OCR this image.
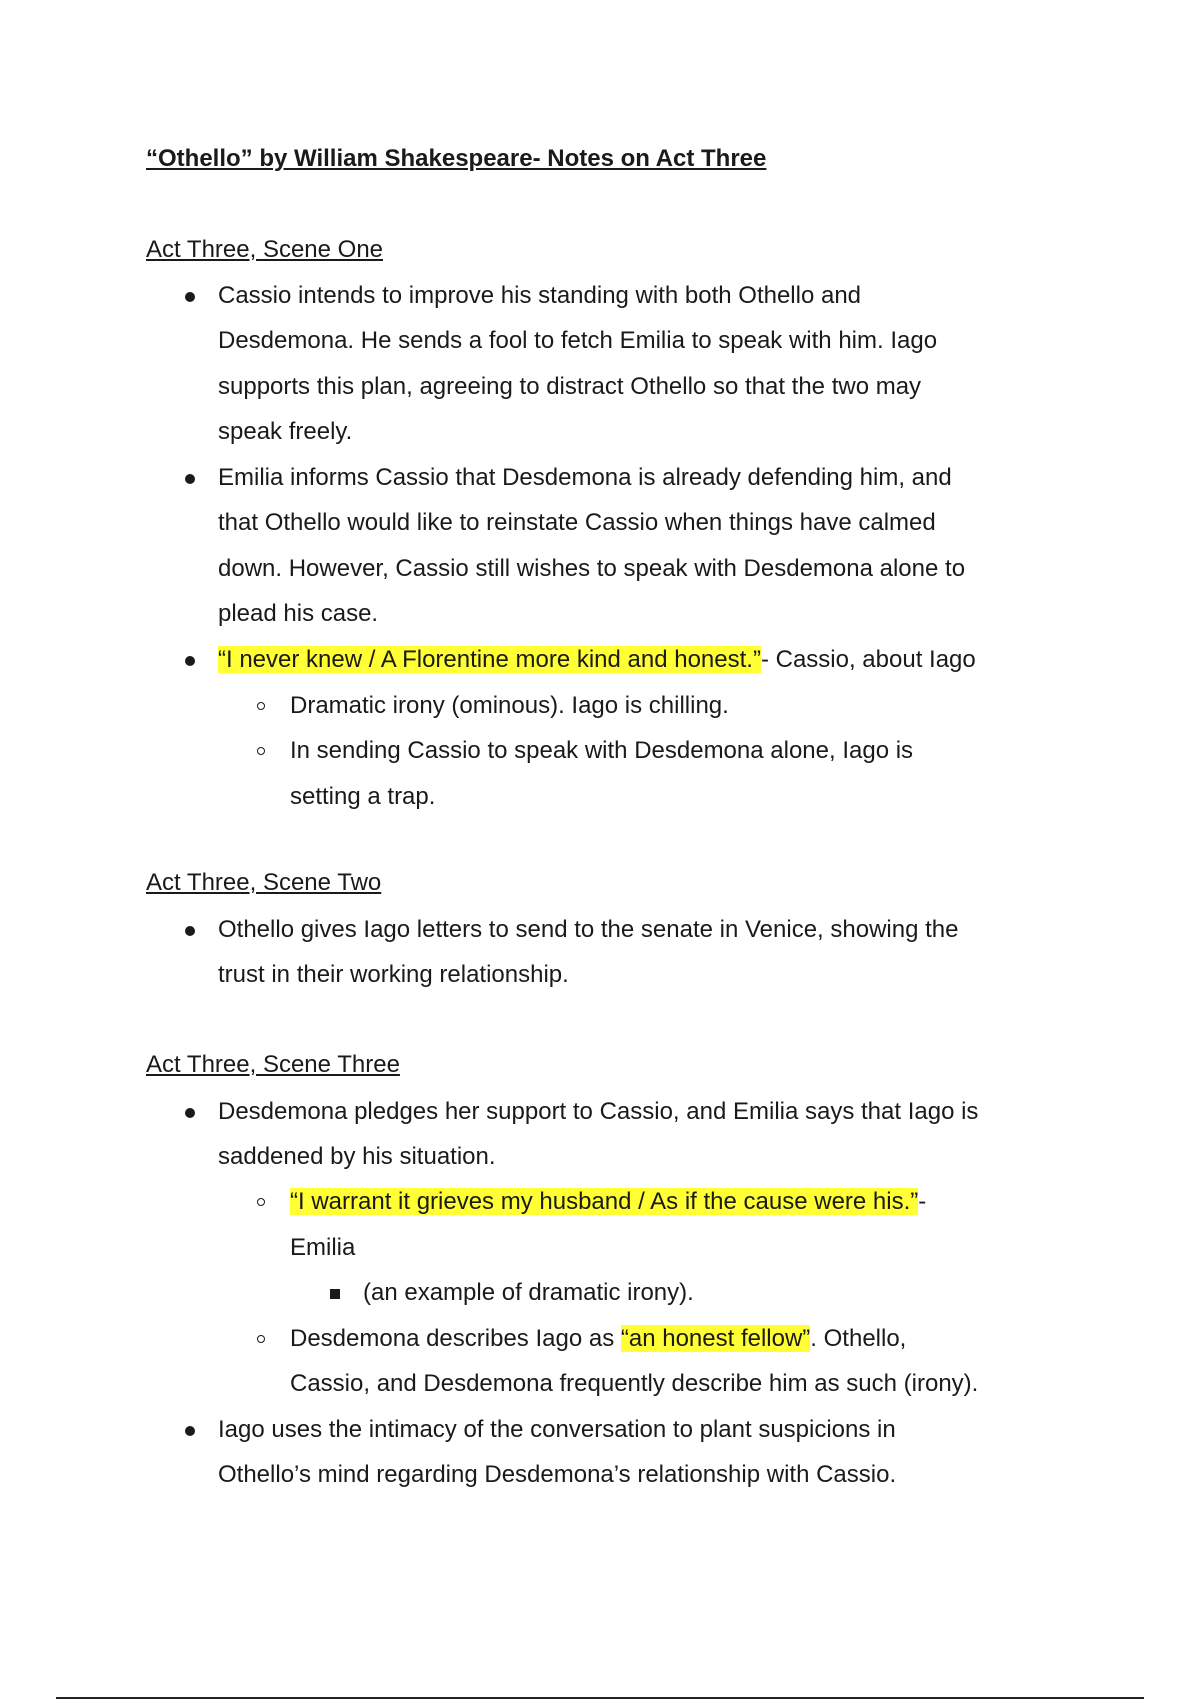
“Othello” by William Shakespeare- Notes on Act Three
Act Three, Scene One

Cassio intends to improve his standing with both Othello and

Desdemona. He sends a fool to fetch Emilia to speak with him. Iago

supports this plan, agreeing to distract Othello so that the two may

speak freely.

Emilia informs Cassio that Desdemona is already defending him, and

that Othello would like to reinstate Cassio when things have calmed

down. However, Cassio still wishes to speak with Desdemona alone to

plead his case.

“I never knew / A Florentine more kind and honest.”- Cassio, about Iago

Dramatic irony (ominous). Iago is chilling.

In sending Cassio to speak with Desdemona alone, Iago is

setting a trap.

Act Three, Scene Two

Othello gives Iago letters to send to the senate in Venice, showing the

trust in their working relationship.

Act Three, Scene Three

Desdemona pledges her support to Cassio, and Emilia says that Iago is

saddened by his situation.

“I warrant it grieves my husband / As if the cause were his.”-

Emilia

(an example of dramatic irony).

Desdemona describes Iago as “an honest fellow”. Othello,

Cassio, and Desdemona frequently describe him as such (irony).

Iago uses the intimacy of the conversation to plant suspicions in

Othello’s mind regarding Desdemona’s relationship with Cassio.
